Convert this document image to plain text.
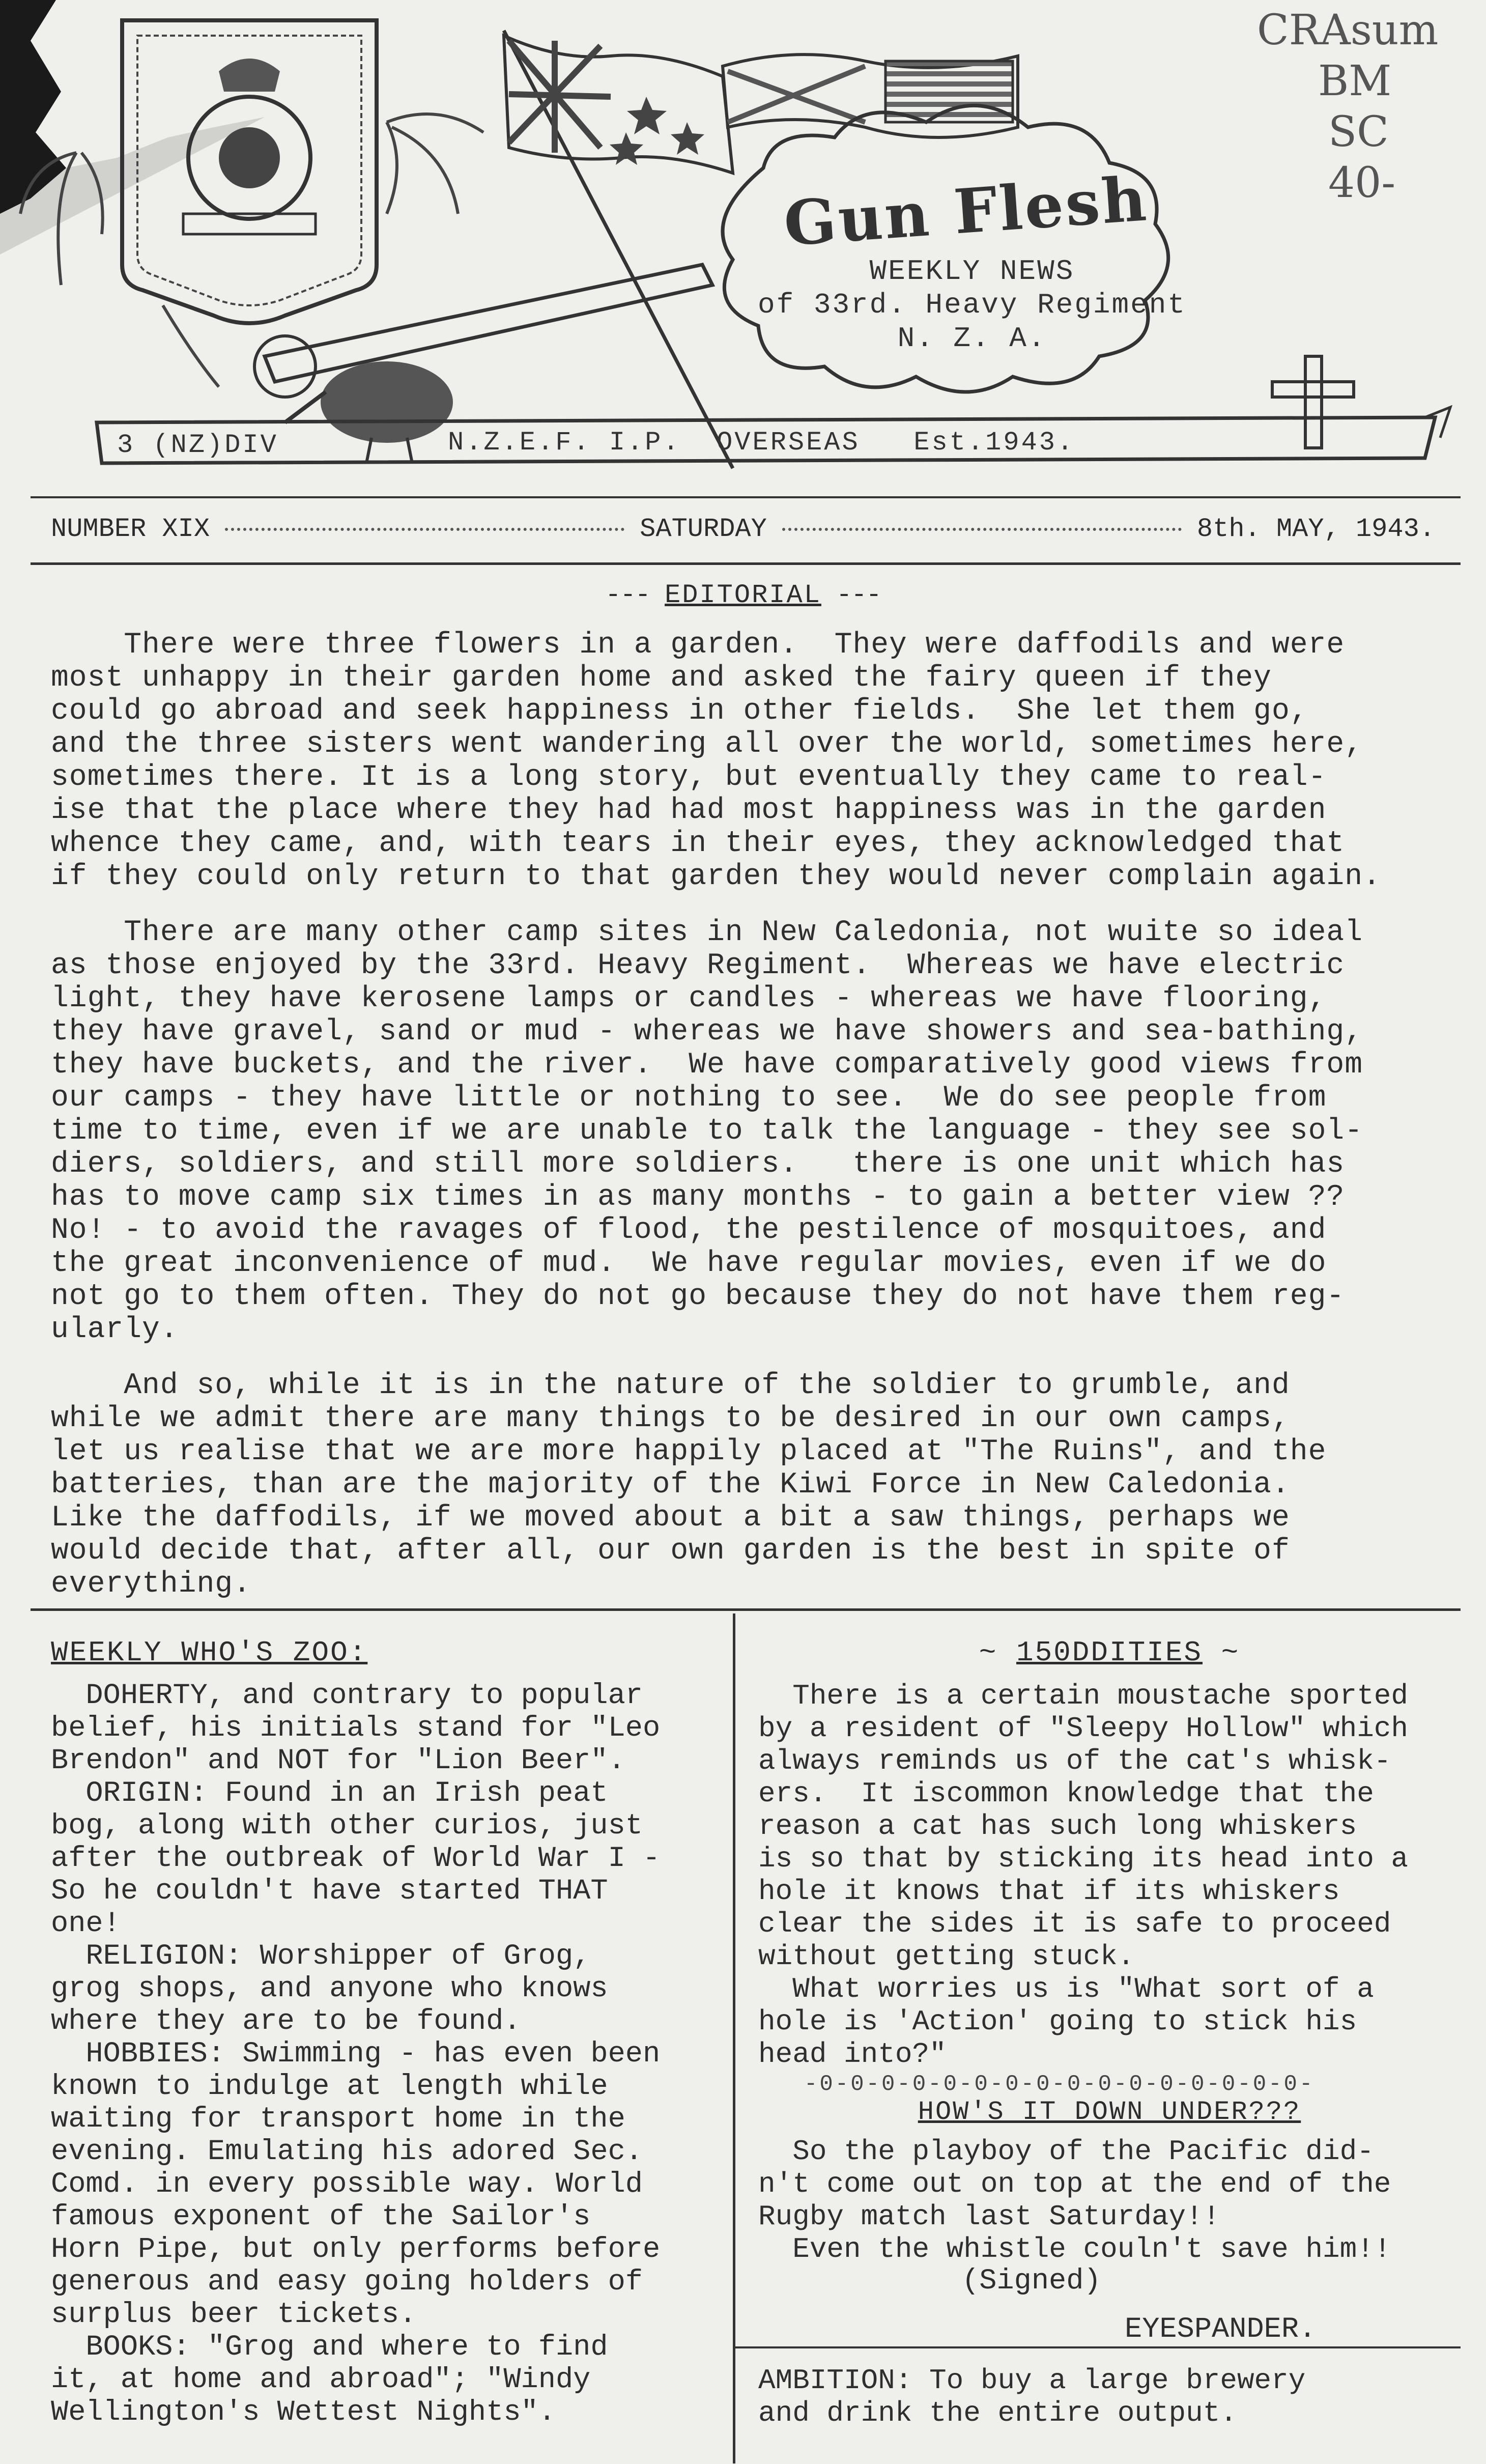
CRAsum
BM
SC
40-
Gun Flesh
WEEKLY NEWS
of 33rd. Heavy Regiment
N. Z. A.
3 (NZ)DIV	N.Z.E.F. I.P.  OVERSEAS   Est.1943.
NUMBER XIX	SATURDAY	8th. MAY, 1943.
--- EDITORIAL ---
There were three flowers in a garden.  They were daffodils and were
most unhappy in their garden home and asked the fairy queen if they
could go abroad and seek happiness in other fields.  She let them go,
and the three sisters went wandering all over the world, sometimes here,
sometimes there. It is a long story, but eventually they came to real-
ise that the place where they had had most happiness was in the garden
whence they came, and, with tears in their eyes, they acknowledged that
if they could only return to that garden they would never complain again.
There are many other camp sites in New Caledonia, not wuite so ideal
as those enjoyed by the 33rd. Heavy Regiment.  Whereas we have electric
light, they have kerosene lamps or candles - whereas we have flooring,
they have gravel, sand or mud - whereas we have showers and sea-bathing,
they have buckets, and the river.  We have comparatively good views from
our camps - they have little or nothing to see.  We do see people from
time to time, even if we are unable to talk the language - they see sol-
diers, soldiers, and still more soldiers.   there is one unit which has
has to move camp six times in as many months - to gain a better view ??
No! - to avoid the ravages of flood, the pestilence of mosquitoes, and
the great inconvenience of mud.  We have regular movies, even if we do
not go to them often. They do not go because they do not have them reg-
ularly.
And so, while it is in the nature of the soldier to grumble, and
while we admit there are many things to be desired in our own camps,
let us realise that we are more happily placed at "The Ruins", and the
batteries, than are the majority of the Kiwi Force in New Caledonia.
Like the daffodils, if we moved about a bit a saw things, perhaps we
would decide that, after all, our own garden is the best in spite of
everything.
WEEKLY WHO'S ZOO:
DOHERTY, and contrary to popular
belief, his initials stand for "Leo
Brendon" and NOT for "Lion Beer".
ORIGIN: Found in an Irish peat
bog, along with other curios, just
after the outbreak of World War I -
So he couldn't have started THAT
one!
RELIGION: Worshipper of Grog,
grog shops, and anyone who knows
where they are to be found.
HOBBIES: Swimming - has even been
known to indulge at length while
waiting for transport home in the
evening. Emulating his adored Sec.
Comd. in every possible way. World
famous exponent of the Sailor's
Horn Pipe, but only performs before
generous and easy going holders of
surplus beer tickets.
BOOKS: "Grog and where to find
it, at home and abroad"; "Windy
Wellington's Wettest Nights".
~ 150DDITIES ~
There is a certain moustache sported
by a resident of "Sleepy Hollow" which
always reminds us of the cat's whisk-
ers.  It iscommon knowledge that the
reason a cat has such long whiskers
is so that by sticking its head into a
hole it knows that if its whiskers
clear the sides it is safe to proceed
without getting stuck.
What worries us is "What sort of a
hole is 'Action' going to stick his
head into?"
-0-0-0-0-0-0-0-0-0-0-0-0-0-0-0-0-
HOW'S IT DOWN UNDER???
So the playboy of the Pacific did-
n't come out on top at the end of the
Rugby match last Saturday!!
Even the whistle couln't save him!!
(Signed)
EYESPANDER.
AMBITION: To buy a large brewery
and drink the entire output.
